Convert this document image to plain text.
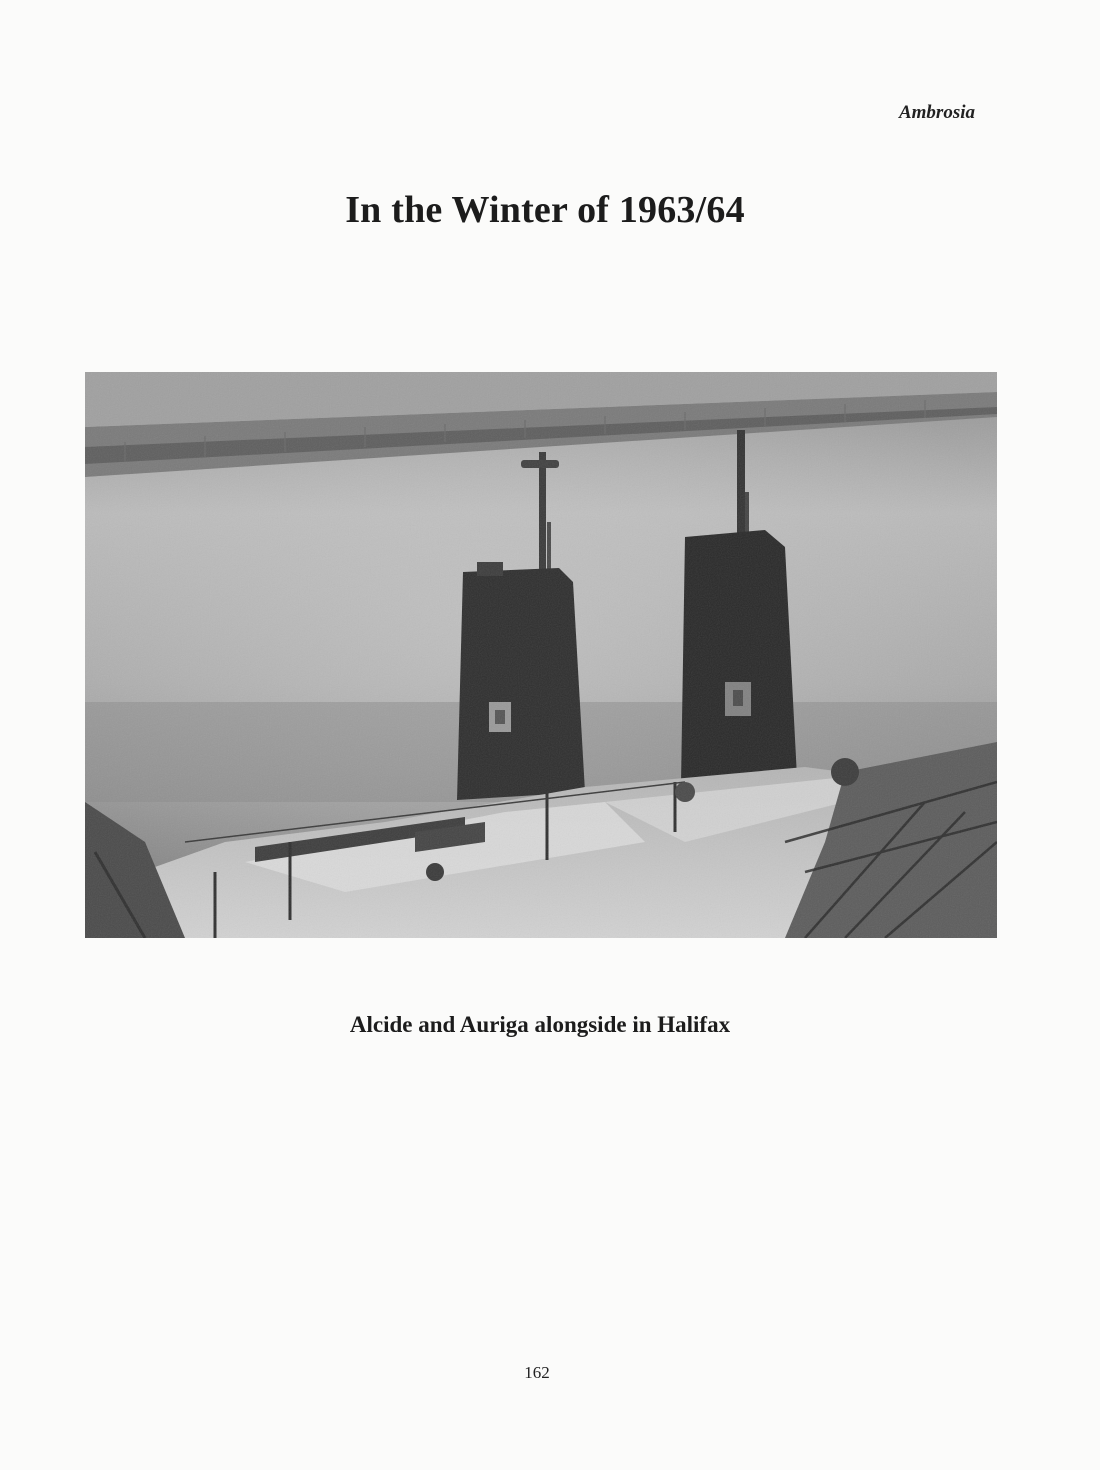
Ambrosia
In the Winter of 1963/64
Alcide and Auriga alongside in Halifax
162
